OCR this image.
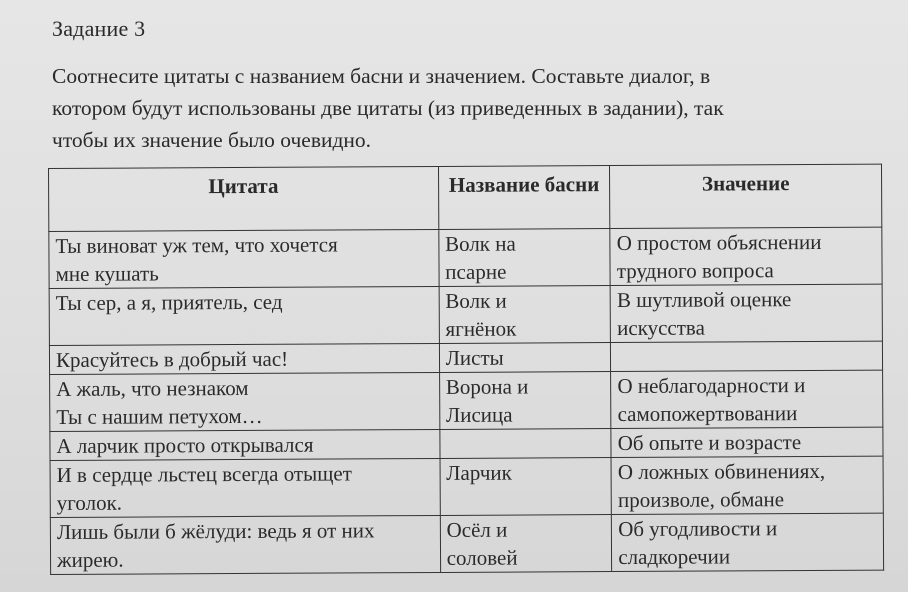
Задание 3
Соотнесите цитаты с названием басни и значением. Составьте диалог, в
котором будут использованы две цитаты (из приведенных в задании), так
чтобы их значение было очевидно.
Цитата	Название басни	Значение

Ты виноват уж тем, что хочется
мне кушать	Волк на
псарне	О простом объяснении
трудного вопроса

Ты сер, а я, приятель, сед	Волк и
ягнёнок	В шутливой оценке
искусства

Красуйтесь в добрый час!	Листы	

А жаль, что незнаком
Ты с нашим петухом…	Ворона и
Лисица	О неблагодарности и
самопожертвовании

А ларчик просто открывался		Об опыте и возрасте

И в сердце льстец всегда отыщет
уголок.	Ларчик	О ложных обвинениях,
произволе, обмане

Лишь были б жёлуди: ведь я от них
жирею.	Осёл и
соловей	Об угодливости и
сладкоречии
